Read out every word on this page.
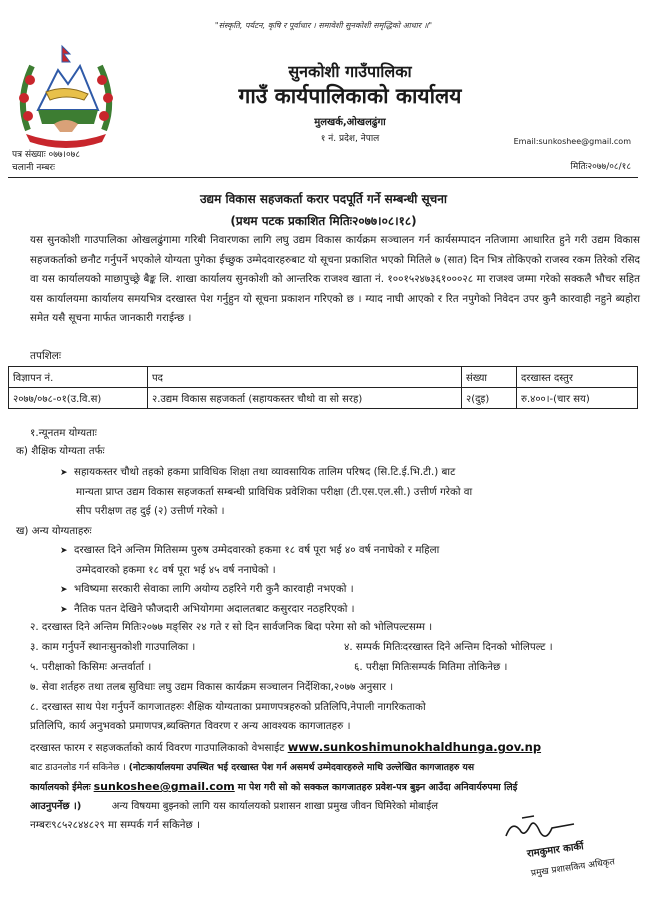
"संस्कृति, पर्यटन, कृषि र पूर्वाधार । समावेशी सुनकोशी समृद्धिको आधार ॥"
सुनकोशी गाउँपालिका
गाउँ कार्यपालिकाको कार्यालय
मुलखर्क,ओखलढुंगा
१ नं. प्रदेश, नेपाल	Email:sunkoshee@gmail.com
पत्र संख्याः ०७७।०७८
चलानी नम्बरः	मितिः२०७७/०८/१८
उद्यम विकास सहजकर्ता करार पदपूर्ति गर्ने सम्बन्धी सूचना
(प्रथम पटक प्रकाशित मितिः२०७७।०८।१८)
यस सुनकोशी गाउपालिका ओखलढुंगामा गरिबी निवारणका लागि लघु उद्यम विकास कार्यक्रम सञ्चालन गर्न कार्यसम्पादन नतिजामा आधारित हुने गरी उद्यम विकास सहजकर्ताको छनौट गर्नुपर्ने भएकोले योग्यता पुगेका ईच्छुक उम्मेदवारहरुबाट यो सूचना प्रकाशित भएको मितिले ७ (सात) दिन भित्र तोकिएको राजस्व रकम तिरेको रसिद वा यस कार्यालयको माछापुच्छ्रे बैङ्क लि. शाखा कार्यालय सुनकोशी को आन्तरिक राजश्व खाता नं. १००१५२४७३६१०००२८ मा राजश्व जम्मा गरेको सक्कलै भौचर सहित यस कार्यालयमा कार्यालय समयभित्र दरखास्त पेश गर्नुहुन यो सूचना प्रकाशन गरिएको छ । म्याद नाघी आएको र रित नपुगेको निवेदन उपर कुनै कारवाही नहुने ब्यहोरा समेत यसै सूचना मार्फत जानकारी गराईन्छ ।
तपशिलः
विज्ञापन नं.	पद	संख्या	दरखास्त दस्तुर
२०७७/०७८-०१(उ.वि.स)	२.उद्यम विकास सहजकर्ता (सहायकस्तर चौथो वा सो सरह)	२(दुइ)	रु.४००।-(चार सय)
१.न्यूनतम योग्यताः
क) शैक्षिक योग्यता तर्फः
➤ सहायकस्तर चौथो तहको हकमा प्राविधिक शिक्षा तथा व्यावसायिक तालिम परिषद (सि.टि.ई.भि.टी.) बाट
मान्यता प्राप्त उद्यम विकास सहजकर्ता सम्बन्धी प्राविधिक प्रवेशिका परीक्षा (टी.एस.एल.सी.) उत्तीर्ण गरेको वा
सीप परीक्षण तह दुई (२) उत्तीर्ण गरेको ।
ख) अन्य योग्यताहरुः
➤ दरखास्त दिने अन्तिम मितिसम्म पुरुष उम्मेदवारको हकमा १८ वर्ष पूरा भई ४० वर्ष ननाघेको र महिला
उम्मेदवारको हकमा १८ वर्ष पूरा भई ४५ वर्ष ननाघेको ।
➤ भविष्यमा सरकारी सेवाका लागि अयोग्य ठहरिने गरी कुनै कारवाही नभएको ।
➤ नैतिक पतन देखिने फौजदारी अभियोगमा अदालतबाट कसुरदार नठहरिएको ।
२. दरखास्त दिने अन्तिम मितिः२०७७ मङ्सिर २४ गते र सो दिन सार्वजनिक बिदा परेमा सो को भोलिपल्टसम्म ।
३. काम गर्नुपर्ने स्थानःसुनकोशी गाउपालिका ।	४. सम्पर्क मितिःदरखास्त दिने अन्तिम दिनको भोलिपल्ट ।
५. परीक्षाको किसिमः अन्तर्वार्ता ।	६. परीक्षा मितिःसम्पर्क मितिमा तोकिनेछ ।
७. सेवा शर्तहरु तथा तलब सुविधाः लघु उद्यम विकास कार्यक्रम सञ्चालन निर्देशिका,२०७७ अनुसार ।
८. दरखास्त साथ पेश गर्नुपर्ने कागजातहरुः शैक्षिक योग्यताका प्रमाणपत्रहरुको प्रतिलिपि,नेपाली नागरिकताको
प्रतिलिपि, कार्य अनुभवको प्रमाणपत्र,ब्यक्तिगत विवरण र अन्य आवश्यक कागजातहरु ।
दरखास्त फारम र सहजकर्ताको कार्य विवरण गाउपालिकाको वेभसाईट www.sunkoshimunokhaldhunga.gov.np
बाट डाउनलोड गर्न सकिनेछ । (नोटःकार्यालयमा उपस्थित भई दरखास्त पेश गर्न असमर्थ उम्मेदवारहरुले माथि उल्लेखित कागजातहरु यस
कार्यालयको ईमेलः sunkoshee@gmail.com मा पेश गरी सो को सक्कल कागजातहरु प्रवेश-पत्र बुझ्न आउँदा अनिवार्यरुपमा लिई
आउनुपर्नेछ ।)	अन्य विषयमा बुझ्नको लागि यस कार्यालयको प्रशासन शाखा प्रमुख जीवन घिमिरेको मोबाईल
नम्बरः९८५२८४४८२९ मा सम्पर्क गर्न सकिनेछ ।
रामकुमार कार्की
प्रमुख प्रशासकिय अधिकृत
